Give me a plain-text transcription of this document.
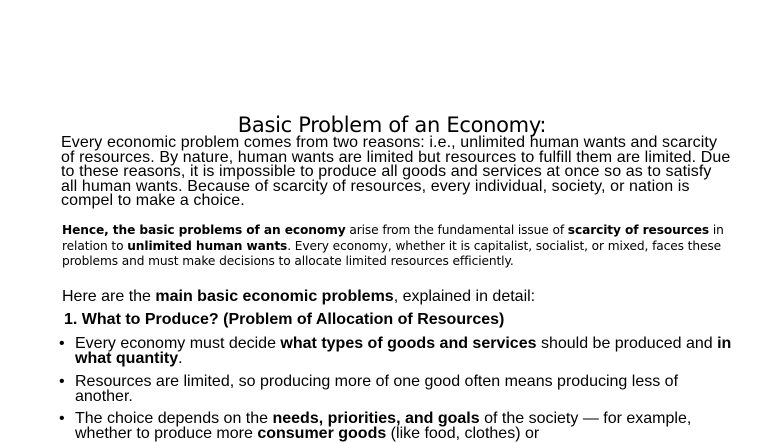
Basic Problem of an Economy:
Every economic problem comes from two reasons: i.e., unlimited human wants and scarcity of resources. By nature, human wants are limited but resources to fulfill them are limited. Due to these reasons, it is impossible to produce all goods and services at once so as to satisfy all human wants. Because of scarcity of resources, every individual, society, or nation is compel to make a choice.
Hence, the basic problems of an economy arise from the fundamental issue of scarcity of resources in relation to unlimited human wants. Every economy, whether it is capitalist, socialist, or mixed, faces these problems and must make decisions to allocate limited resources efficiently.
Here are the main basic economic problems, explained in detail:
1. What to Produce? (Problem of Allocation of Resources)
• Every economy must decide what types of goods and services should be produced and in what quantity.
• Resources are limited, so producing more of one good often means producing less of another.
• The choice depends on the needs, priorities, and goals of the society — for example, whether to produce more consumer goods (like food, clothes) or
